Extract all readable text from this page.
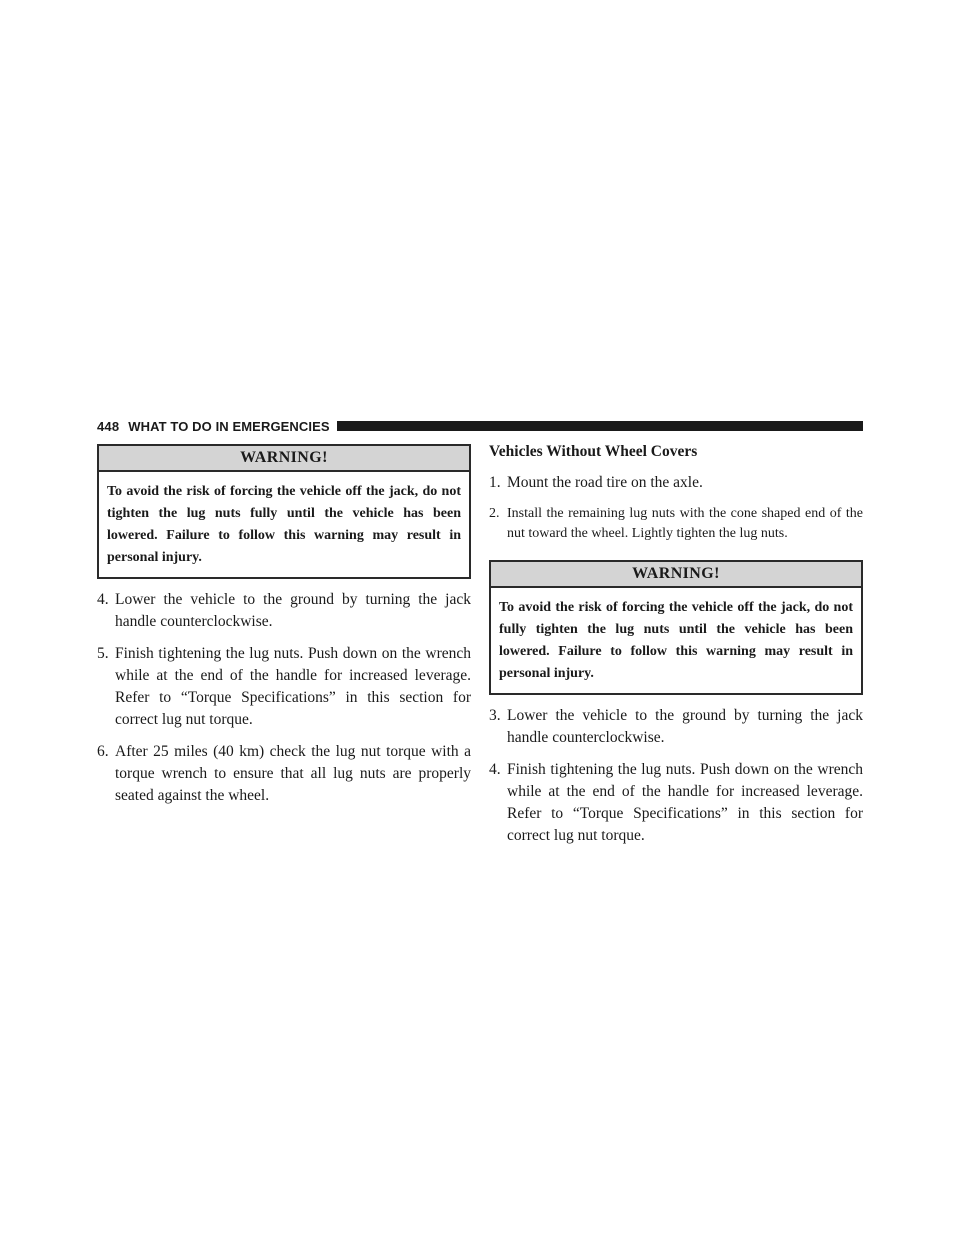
448 WHAT TO DO IN EMERGENCIES
WARNING!
To avoid the risk of forcing the vehicle off the jack, do not tighten the lug nuts fully until the vehicle has been lowered. Failure to follow this warning may result in personal injury.
4. Lower the vehicle to the ground by turning the jack handle counterclockwise.
5. Finish tightening the lug nuts. Push down on the wrench while at the end of the handle for increased leverage. Refer to “Torque Specifications” in this section for correct lug nut torque.
6. After 25 miles (40 km) check the lug nut torque with a torque wrench to ensure that all lug nuts are properly seated against the wheel.
Vehicles Without Wheel Covers
1. Mount the road tire on the axle.
2. Install the remaining lug nuts with the cone shaped end of the nut toward the wheel. Lightly tighten the lug nuts.
WARNING!
To avoid the risk of forcing the vehicle off the jack, do not fully tighten the lug nuts until the vehicle has been lowered. Failure to follow this warning may result in personal injury.
3. Lower the vehicle to the ground by turning the jack handle counterclockwise.
4. Finish tightening the lug nuts. Push down on the wrench while at the end of the handle for increased leverage. Refer to “Torque Specifications” in this section for correct lug nut torque.
